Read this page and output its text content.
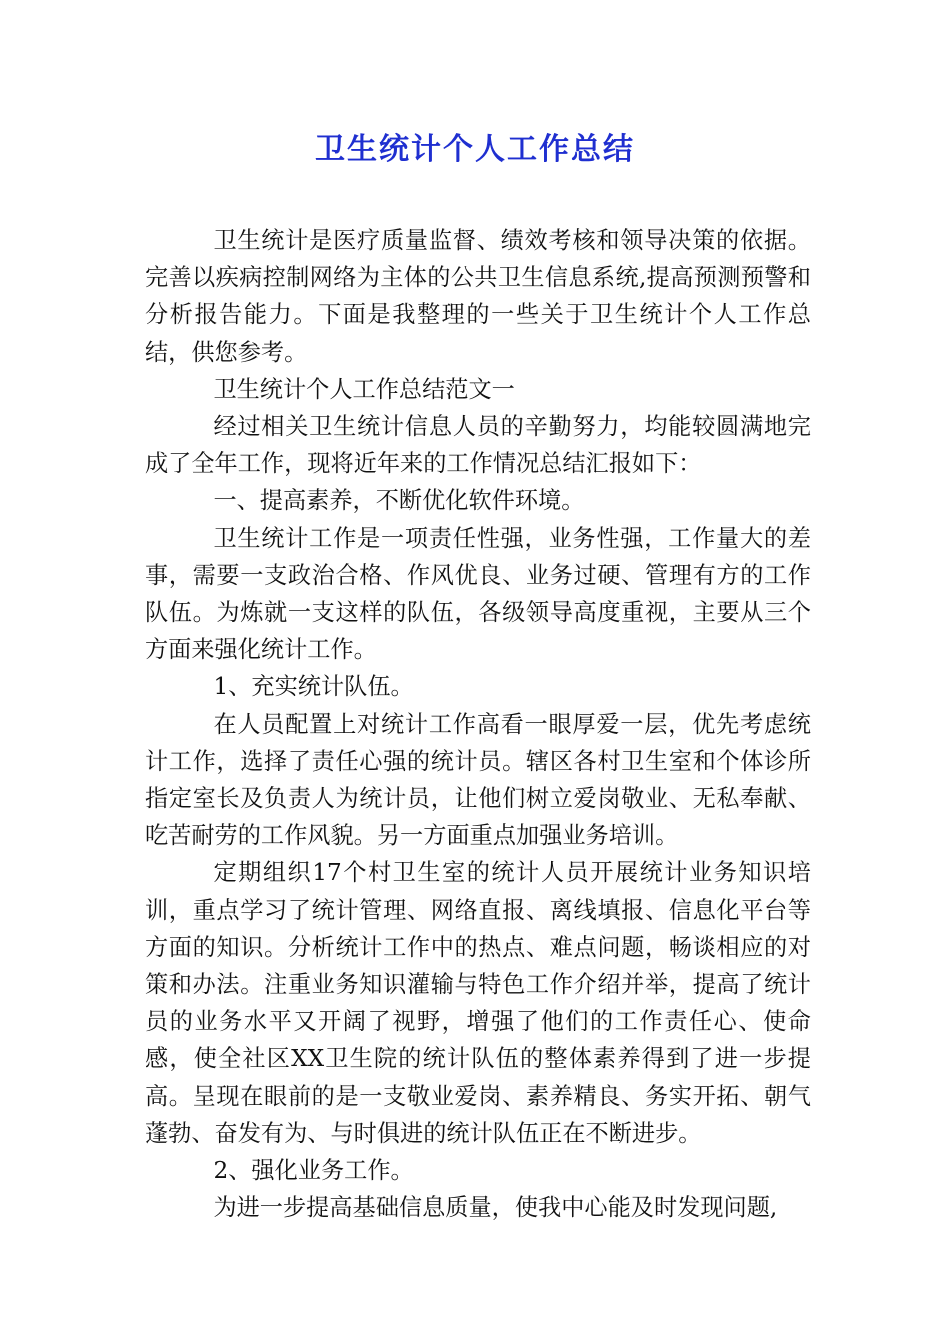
卫生统计个人工作总结

卫生统计是医疗质量监督、绩效考核和领导决策的依据。完善以疾病控制网络为主体的公共卫生信息系统,提高预测预警和分析报告能力。下面是我整理的一些关于卫生统计个人工作总结，供您参考。

卫生统计个人工作总结范文一

经过相关卫生统计信息人员的辛勤努力，均能较圆满地完成了全年工作，现将近年来的工作情况总结汇报如下：

一、提高素养，不断优化软件环境。

卫生统计工作是一项责任性强，业务性强，工作量大的差事，需要一支政治合格、作风优良、业务过硬、管理有方的工作队伍。为炼就一支这样的队伍，各级领导高度重视，主要从三个方面来强化统计工作。

1、充实统计队伍。

在人员配置上对统计工作高看一眼厚爱一层，优先考虑统计工作，选择了责任心强的统计员。辖区各村卫生室和个体诊所指定室长及负责人为统计员，让他们树立爱岗敬业、无私奉献、吃苦耐劳的工作风貌。另一方面重点加强业务培训。

定期组织17个村卫生室的统计人员开展统计业务知识培训，重点学习了统计管理、网络直报、离线填报、信息化平台等方面的知识。分析统计工作中的热点、难点问题，畅谈相应的对策和办法。注重业务知识灌输与特色工作介绍并举，提高了统计员的业务水平又开阔了视野，增强了他们的工作责任心、使命感，使全社区XX卫生院的统计队伍的整体素养得到了进一步提高。呈现在眼前的是一支敬业爱岗、素养精良、务实开拓、朝气蓬勃、奋发有为、与时俱进的统计队伍正在不断进步。

2、强化业务工作。

为进一步提高基础信息质量，使我中心能及时发现问题,
